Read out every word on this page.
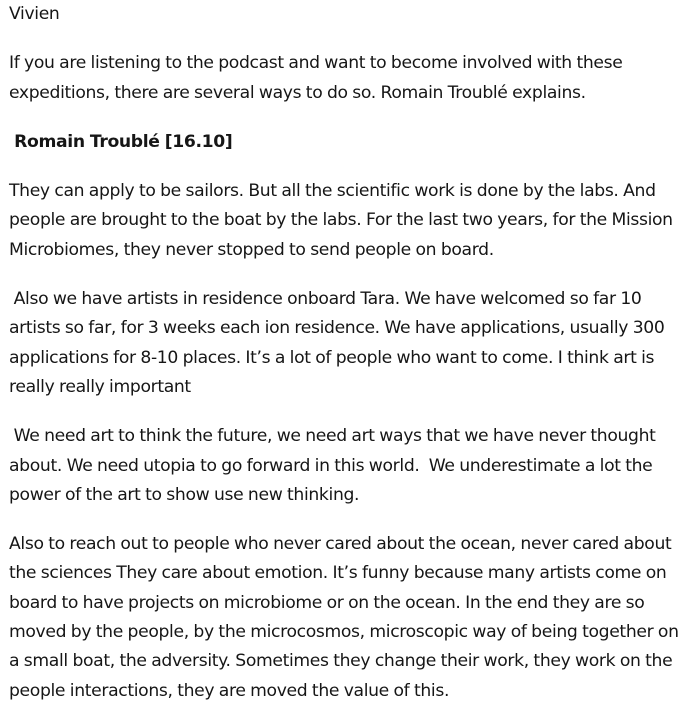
Vivien

If you are listening to the podcast and want to become involved with these expeditions, there are several ways to do so. Romain Troublé explains.

Romain Troublé [16.10]

They can apply to be sailors. But all the scientific work is done by the labs. And people are brought to the boat by the labs. For the last two years, for the Mission Microbiomes, they never stopped to send people on board.

Also we have artists in residence onboard Tara. We have welcomed so far 10 artists so far, for 3 weeks each ion residence. We have applications, usually 300 applications for 8-10 places. It’s a lot of people who want to come. I think art is really really important

We need art to think the future, we need art ways that we have never thought about. We need utopia to go forward in this world.  We underestimate a lot the power of the art to show use new thinking.

Also to reach out to people who never cared about the ocean, never cared about the sciences They care about emotion. It’s funny because many artists come on board to have projects on microbiome or on the ocean. In the end they are so moved by the people, by the microcosmos, microscopic way of being together on a small boat, the adversity. Sometimes they change their work, they work on the people interactions, they are moved the value of this.
